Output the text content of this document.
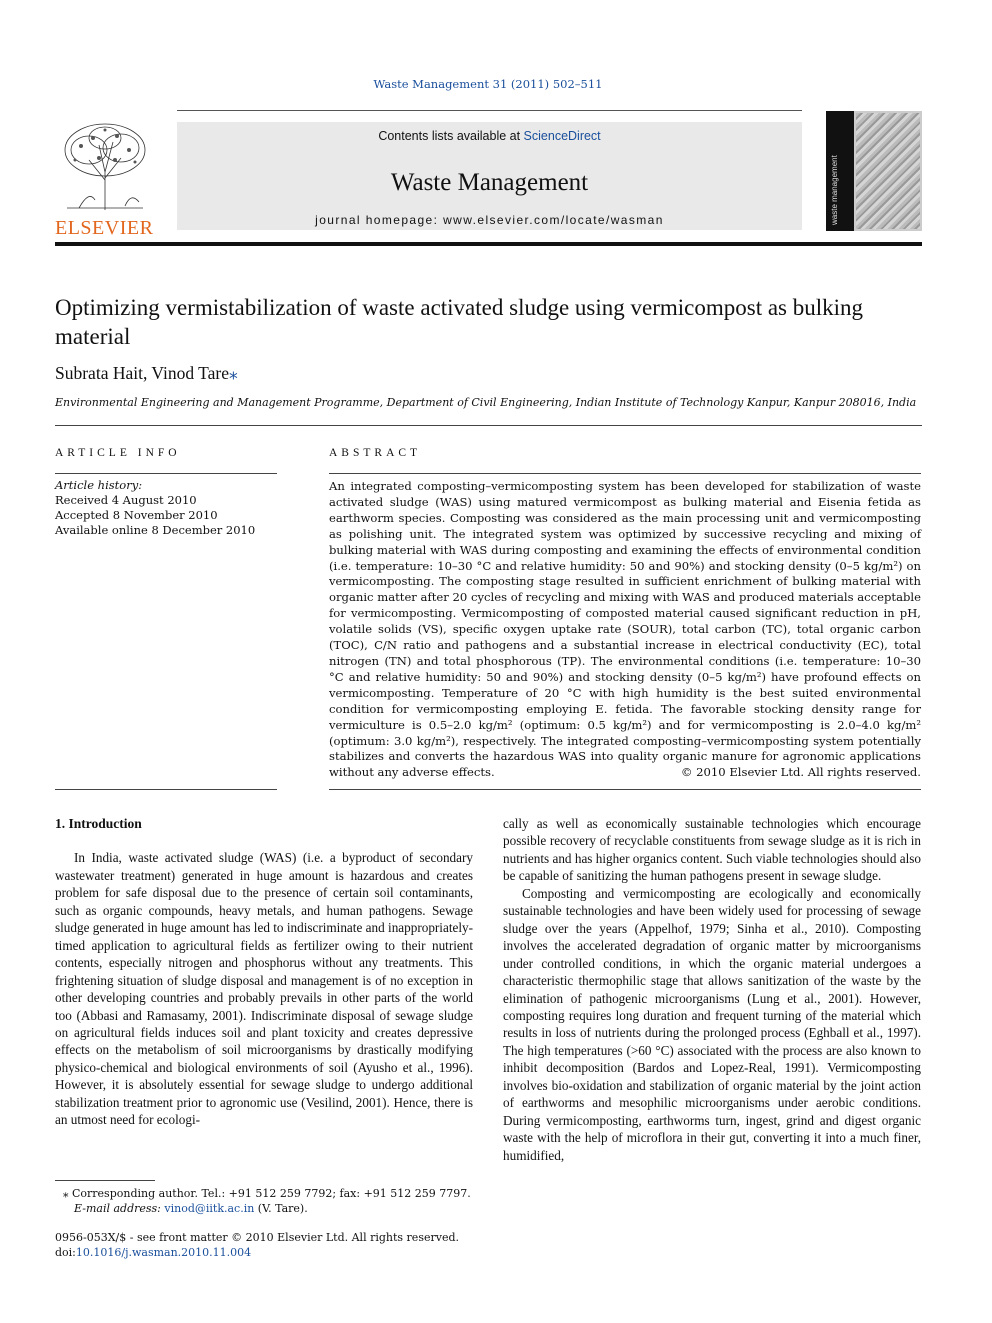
Waste Management 31 (2011) 502–511
ELSEVIER
Contents lists available at ScienceDirect
Waste Management
journal homepage: www.elsevier.com/locate/wasman	waste management
Optimizing vermistabilization of waste activated sludge using vermicompost as bulking material
Subrata Hait, Vinod Tare⁎
Environmental Engineering and Management Programme, Department of Civil Engineering, Indian Institute of Technology Kanpur, Kanpur 208016, India
ARTICLE INFO
Article history:
Received 4 August 2010
Accepted 8 November 2010
Available online 8 December 2010
ABSTRACT
An integrated composting–vermicomposting system has been developed for stabilization of waste activated sludge (WAS) using matured vermicompost as bulking material and Eisenia fetida as earthworm species. Composting was considered as the main processing unit and vermicomposting as polishing unit. The integrated system was optimized by successive recycling and mixing of bulking material with WAS during composting and examining the effects of environmental condition (i.e. temperature: 10–30 °C and relative humidity: 50 and 90%) and stocking density (0–5 kg/m²) on vermicomposting. The composting stage resulted in sufficient enrichment of bulking material with organic matter after 20 cycles of recycling and mixing with WAS and produced materials acceptable for vermicomposting. Vermicomposting of composted material caused significant reduction in pH, volatile solids (VS), specific oxygen uptake rate (SOUR), total carbon (TC), total organic carbon (TOC), C/N ratio and pathogens and a substantial increase in electrical conductivity (EC), total nitrogen (TN) and total phosphorous (TP). The environmental conditions (i.e. temperature: 10–30 °C and relative humidity: 50 and 90%) and stocking density (0–5 kg/m²) have profound effects on vermicomposting. Temperature of 20 °C with high humidity is the best suited environmental condition for vermicomposting employing E. fetida. The favorable stocking density range for vermiculture is 0.5–2.0 kg/m² (optimum: 0.5 kg/m²) and for vermicomposting is 2.0–4.0 kg/m² (optimum: 3.0 kg/m²), respectively. The integrated composting–vermicomposting system potentially stabilizes and converts the hazardous WAS into quality organic manure for agronomic applications without any adverse effects.	© 2010 Elsevier Ltd. All rights reserved.
1. Introduction

In India, waste activated sludge (WAS) (i.e. a byproduct of secondary wastewater treatment) generated in huge amount is hazardous and creates problem for safe disposal due to the presence of certain soil contaminants, such as organic compounds, heavy metals, and human pathogens. Sewage sludge generated in huge amount has led to indiscriminate and inappropriately-timed application to agricultural fields as fertilizer owing to their nutrient contents, especially nitrogen and phosphorus without any treatments. This frightening situation of sludge disposal and management is of no exception in other developing countries and probably prevails in other parts of the world too (Abbasi and Ramasamy, 2001). Indiscriminate disposal of sewage sludge on agricultural fields induces soil and plant toxicity and creates depressive effects on the metabolism of soil microorganisms by drastically modifying physico-chemical and biological environments of soil (Ayusho et al., 1996). However, it is absolutely essential for sewage sludge to undergo additional stabilization treatment prior to agronomic use (Vesilind, 2001). Hence, there is an utmost need for ecologi-

cally as well as economically sustainable technologies which encourage possible recovery of recyclable constituents from sewage sludge as it is rich in nutrients and has higher organics content. Such viable technologies should also be capable of sanitizing the human pathogens present in sewage sludge.

Composting and vermicomposting are ecologically and economically sustainable technologies and have been widely used for processing of sewage sludge over the years (Appelhof, 1979; Sinha et al., 2010). Composting involves the accelerated degradation of organic matter by microorganisms under controlled conditions, in which the organic material undergoes a characteristic thermophilic stage that allows sanitization of the waste by the elimination of pathogenic microorganisms (Lung et al., 2001). However, composting requires long duration and frequent turning of the material which results in loss of nutrients during the prolonged process (Eghball et al., 1997). The high temperatures (>60 °C) associated with the process are also known to inhibit decomposition (Bardos and Lopez-Real, 1991). Vermicomposting involves bio-oxidation and stabilization of organic material by the joint action of earthworms and mesophilic microorganisms under aerobic conditions. During vermicomposting, earthworms turn, ingest, grind and digest organic waste with the help of microflora in their gut, converting it into a much finer, humidified,

⁎ Corresponding author. Tel.: +91 512 259 7792; fax: +91 512 259 7797.
E-mail address: vinod@iitk.ac.in (V. Tare).
0956-053X/$ - see front matter © 2010 Elsevier Ltd. All rights reserved.
doi:10.1016/j.wasman.2010.11.004
